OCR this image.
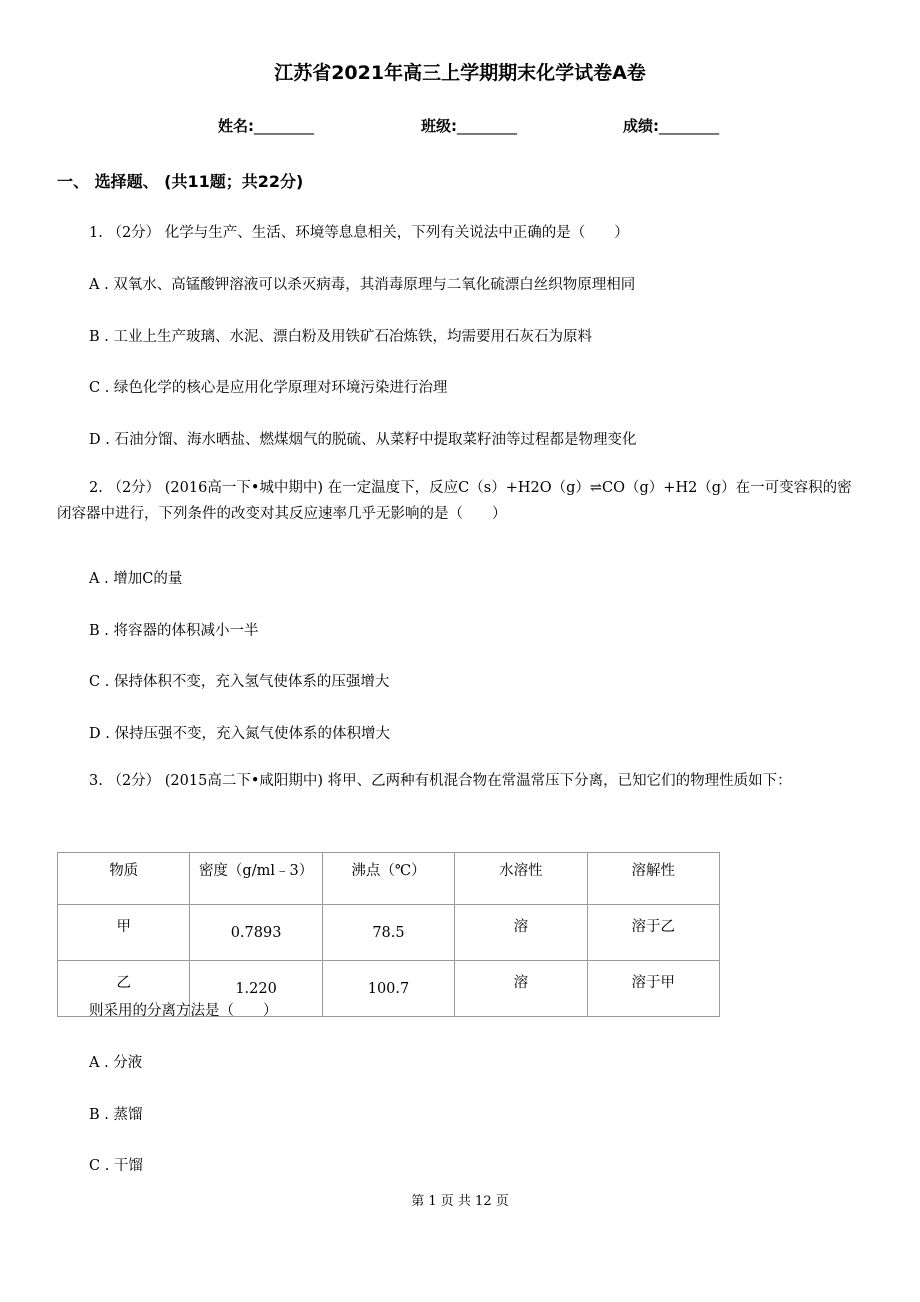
江苏省2021年高三上学期期末化学试卷A卷
姓名:________	班级:________	成绩:________
一、 选择题、 (共11题；共22分)
1. （2分） 化学与生产、生活、环境等息息相关，下列有关说法中正确的是（　　）
A . 双氧水、高锰酸钾溶液可以杀灭病毒，其消毒原理与二氧化硫漂白丝织物原理相同
B . 工业上生产玻璃、水泥、漂白粉及用铁矿石冶炼铁，均需要用石灰石为原料
C . 绿色化学的核心是应用化学原理对环境污染进行治理
D . 石油分馏、海水晒盐、燃煤烟气的脱硫、从菜籽中提取菜籽油等过程都是物理变化
2. （2分） (2016高一下•城中期中) 在一定温度下，反应C（s）+H2O（g）⇌CO（g）+H2（g）在一可变容积的密闭容器中进行，下列条件的改变对其反应速率几乎无影响的是（　　）
A . 增加C的量
B . 将容器的体积减小一半
C . 保持体积不变，充入氢气使体系的压强增大
D . 保持压强不变，充入氮气使体系的体积增大
3. （2分） (2015高二下•咸阳期中) 将甲、乙两种有机混合物在常温常压下分离，已知它们的物理性质如下：
物质	密度（g/ml﹣3）	沸点（℃）	水溶性	溶解性
甲	0.7893	78.5	溶	溶于乙
乙	1.220	100.7	溶	溶于甲
则采用的分离方法是（　　）
A . 分液
B . 蒸馏
C . 干馏
第 1 页 共 12 页
